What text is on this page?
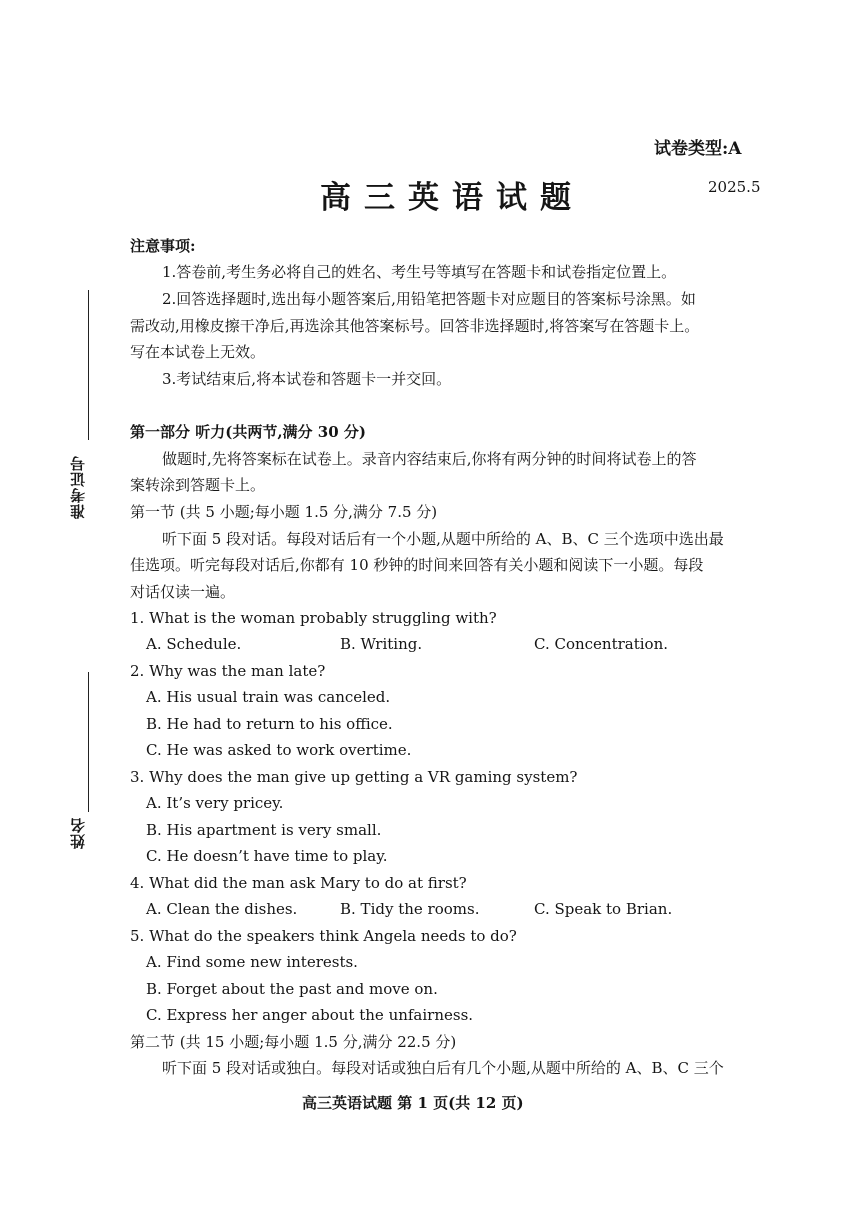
准考证号
姓名
试卷类型:A
高三英语试题	2025.5
注意事项:
1.答卷前,考生务必将自己的姓名、考生号等填写在答题卡和试卷指定位置上。
2.回答选择题时,选出每小题答案后,用铅笔把答题卡对应题目的答案标号涂黑。如
需改动,用橡皮擦干净后,再选涂其他答案标号。回答非选择题时,将答案写在答题卡上。
写在本试卷上无效。
3.考试结束后,将本试卷和答题卡一并交回。
第一部分 听力(共两节,满分 30 分)
做题时,先将答案标在试卷上。录音内容结束后,你将有两分钟的时间将试卷上的答
案转涂到答题卡上。
第一节 (共 5 小题;每小题 1.5 分,满分 7.5 分)
听下面 5 段对话。每段对话后有一个小题,从题中所给的 A、B、C 三个选项中选出最
佳选项。听完每段对话后,你都有 10 秒钟的时间来回答有关小题和阅读下一小题。每段
对话仅读一遍。
1. What is the woman probably struggling with?
A. Schedule.	B. Writing.	C. Concentration.
2. Why was the man late?
A. His usual train was canceled.
B. He had to return to his office.
C. He was asked to work overtime.
3. Why does the man give up getting a VR gaming system?
A. It’s very pricey.
B. His apartment is very small.
C. He doesn’t have time to play.
4. What did the man ask Mary to do at first?
A. Clean the dishes.	B. Tidy the rooms.	C. Speak to Brian.
5. What do the speakers think Angela needs to do?
A. Find some new interests.
B. Forget about the past and move on.
C. Express her anger about the unfairness.
第二节 (共 15 小题;每小题 1.5 分,满分 22.5 分)
听下面 5 段对话或独白。每段对话或独白后有几个小题,从题中所给的 A、B、C 三个
高三英语试题 第 1 页(共 12 页)
